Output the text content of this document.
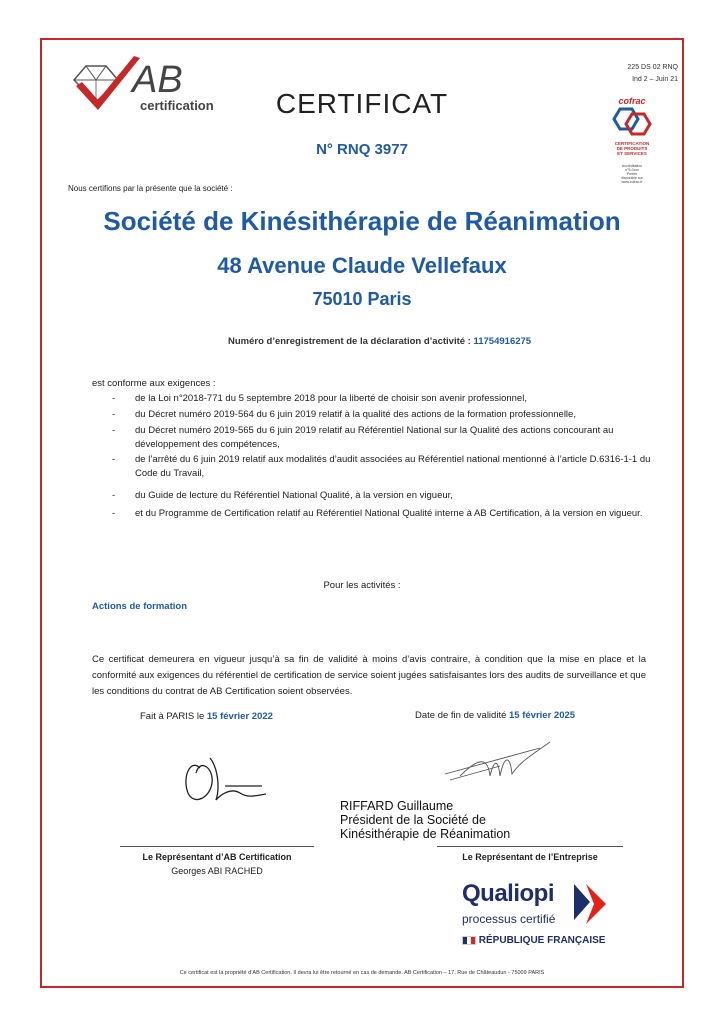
AB
certification
225 DS 02 RNQ
Ind 2 – Juin 21
cofrac
CERTIFICATION
DE PRODUITS
ET SERVICES
Accréditation
n°5-0xxx
Portée
disponible sur
www.cofrac.fr
CERTIFICAT
N° RNQ 3977
Nous certifions par la présente que la société :
Société de Kinésithérapie de Réanimation
48 Avenue Claude Vellefaux
75010 Paris
Numéro d’enregistrement de la déclaration d’activité : 11754916275
est conforme aux exigences :
- de la Loi n°2018-771 du 5 septembre 2018 pour la liberté de choisir son avenir professionnel,
- du Décret numéro 2019-564 du 6 juin 2019 relatif à la qualité des actions de la formation professionnelle,
- du Décret numéro 2019-565 du 6 juin 2019 relatif au Référentiel National sur la Qualité des actions concourant au développement des compétences,
- de l’arrêté du 6 juin 2019 relatif aux modalités d’audit associées au Référentiel national mentionné à l’article D.6316-1-1 du Code du Travail,
- du Guide de lecture du Référentiel National Qualité, à la version en vigueur,
- et du Programme de Certification relatif au Référentiel National Qualité interne à AB Certification, à la version en vigueur.
Pour les activités :
Actions de formation
Ce certificat demeurera en vigueur jusqu’à sa fin de validité à moins d’avis contraire, à condition que la mise en place et la conformité aux exigences du référentiel de certification de service soient jugées satisfaisantes lors des audits de surveillance et que les conditions du contrat de AB Certification soient observées.
Fait à PARIS le 15 février 2022	Date de fin de validité 15 février 2025
RIFFARD Guillaume
Président de la Société de
Kinésithérapie de Réanimation
Le Représentant d’AB Certification
Georges ABI RACHED
Le Représentant de l’Entreprise
Qualiopi
processus certifié
RÉPUBLIQUE FRANÇAISE
Ce certificat est la propriété d’AB Certification. Il devra lui être retourné en cas de demande. AB Certification – 17, Rue de Châteaudun - 75009 PARIS
